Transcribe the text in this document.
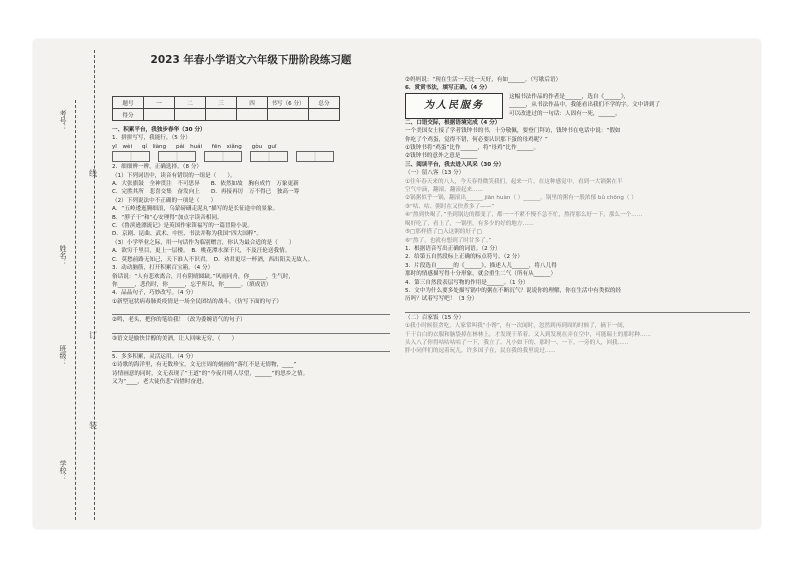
考号：
姓名：
班级：
学校：
线
订
装
2023 年春小学语文六年级下册阶段练习题
题号	一	二	三	四	书写（6 分）	总分
得分						
一、积累平台，我独步春华（30 分）
1．拼拼写写，我能行。（5 分）
yī　wèi qí　liàng pái　huái fēn　xiǎng gòu　guī
2．细细辨一辨，正确选择。（8 分）
（1）下列词语中，读音有错误的一组是（　　）。
A．大张旗鼓　全神贯注　不可思异　　B．依然如故　胸有成竹　万象更新
C．完胜其所　悲喜交集　奋发向上　　D．再接再厉　万不得已　独高一筹
（2）下列说法中不正确的一项是（　　）
A．“五岭逶迤腾细浪，乌蒙磅礴走泥丸”描写的是长征途中的景象。
B．“脖子干”和“心安理得”加点字读音相同。
C．《鲁滨逊漂流记》是英国作家笛福写的一篇冒险小说。
D．京剧、昆曲、武术、中医、书法并称为我国“四大国粹”。
（3）小学毕业之际，用一句话作为临别赠言，你认为最合适的是（　　）
A．欲穷千里目，更上一层楼。　B．桃花潭水深千尺，不及汪伦送我情。
C．莫愁前路无知己，天下谁人不识君。　D．劝君更尽一杯酒，西出阳关无故人。
3．动动脑筋，打开积累百宝箱。（4 分）
俗话说：“人有悲欢离合，月有阴晴圆缺。”风雨同舟，你______，生气时，
你______，悲伤时，你______，忘乎所以，你______。（填成语）
4．品品句子，巧妙改写。（4 分）
①新型冠状病毒肺炎疫情是一场全民团结的战斗。（仿写下面的句子）
②鸣，老头，把你的笔给我！（改为委婉语气的句子）
③语文是愉快甘醇的美酒，让人回味无穷。（　　）
5．多多积累，灵活运用。（4 分）
①诗歌的海洋里，有无数珍宝，文无庄周的刻画的“落红不是无情物，____”
诗情画意的同时，文无表现了“王道”的“今夜月明人尽望，______”的思乡之情。
又为“____，老大徒伤悲”而惜时奋进。
②妈妈说：“现在生活一天比一天好，有如______。（写歇后语）
6．赏赏书法，填写正确。（4 分）
为人民服务
这幅书法作品的作者是______，选自《______》，
______，从书法作品中，我能看出我们不学的字。文中讲到了
可以改进过的一句话：人固有一死，______。
二、口语交际，根据语境完成（4 分）
一个美国女士接了学者钱钟书的书，十分敬佩，要登门拜访，钱钟书在电话中说：“假如
你吃了个鸡蛋，觉得不错，何必要认识那下蛋的母鸡呢？”
①钱钟书将“鸡蛋”比作______，将“母鸡”比作______。
②钱钟书的意外之意是______
三、阅读平台，我去进入风采（30 分）
（一）留八客（13 分）
①往年春天来的八人，今天春得微笑我们，起来一片，在这种感觉中，看到一大锅粥在半
空气中滴，翻滚、翻滚起来......
②锅粥似乎一锅，翻滚出______ jiān huàn（ ）______，锅里的粥有一股浓郁 bǔ chōng（ ）
③“咕、咕、粥时在又快煮多了——”
④“熬到快喝了，”坐到锅边的都变了，都一一不紧不慢不急不忙，熬得那么好一下，那么一个……
喝好吃了，看上了，一锅里，有多少的好的地方……
⑤□那样搭了□入这粥的好子□
⑥“熬了，也就有想到了时甘多了。”
1．根据语音写出正确的词语。（2 分）
2．给第五自然段标上正确的标点符号。（2 分）
3．片段选自______的《______》，描述人儿______，将八儿得
那时的情感描写得十分形象，就会重生二气（所有从______）
4．第三自然段表层写物的作用是______。（1 分）
5．文中为什么要多处描写锅中的粥在不断沉气？说说你的理解，你在生活中有类似的经
历吗？试着写写吧！（3 分）
（二）百家饭（15 分）
①我小时候很贪吃，人家常叫我“小馋”，有一次闻时，忽然到再到周的时候了，摘下一间，
干干白白的衣服和脑袋掉在林林上，才发现干革着。又入到发现在弄在空中，可能瑞士的那时种……
头入八了你得咕咕咕咕了一下，我立了、凡小如下的、那时一、一下。一旁的人，回我......
胖小同伴们的逗着玩儿，许多国子在，民在我的我里说过......
